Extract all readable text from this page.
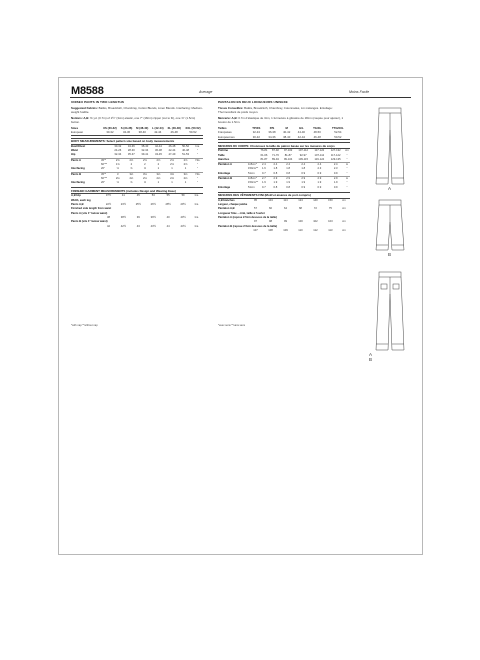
M8588	Average	Moins Facile
UNISEX PANTS IN TWO LENGTHS
Suggested Fabrics: Batiks, Broadcloth, Chambray, Cotton Blends, Linen Blends. Interfacing: Medium-weight fusible.
Notions: A,B: % yd. (0.7m) of 1½" (3cm) elastic, one 7" (18cm) zipper (cut to fit), one ⅝" (1.5cm) button.
Sizes	XS (30-32)	S (34-36)	M (38-40)	L (42-44)	XL (46-48)	XXL (50-52)
European	30-32	34-36	38-40	42-44	46-48	50-52
BODY MEASUREMENTS: Select pattern size based on body measurements
Bust/Chest		30-32	34-36	38-40	42-44	46-48	50-52	Ins.
Waist		24-26	28-30	32-34	36-38	42-44	46-48	"
Hip		32-34	35-37	39-41	43-45	47-49	51-53	"
Pants A	45"*	2⅝	2⅝	2⅝	2⅝	2⅝	2⅝	Yds.
	60"**	1⅝	2	2	2	2⅝	2⅝	"
Interfacing	20"	⅝	⅝	⅝	1	1	1	"
Pants B	45"*	3	3⅛	3⅛	3⅛	3⅛	3⅛	Yds.
	60"**	2⅛	2⅛	2⅛	2⅛	2⅛	2⅛	"
Interfacing	20"	⅝	⅝	⅝	1	1	1	"
FINISHED GARMENT MEASUREMENTS (includes Design and Wearing Ease)
A,B Hip	37½	41	45	53	55	59	Ins.
Width, each leg							
Pants A,B	22½	23½	25½	26½	28½	29½	Ins.
Finished side length from waist							
Pants A (sits 1" below waist)							
	38	38½	39	39½	40	40½	Ins.
Pants B (sits 1" below waist)							
	42	42½	43	43½	44	44½	Ins.
PANTALON EN DEUX LONGUEURS UNISEXE
Tissus Conseillés: Batiks, Broadcloth, Chambray, Cotonnades, Lin mélangés. Entoilage: Thermocollant de poids moyen.
Mercerie: A,B: 0.7m d'élastique de 3cm, 1 fermeture à glissière de 18cm (coupée pour ajuster), 1 bouton de 1.5cm.
Tailles	TP/XS	P/S	M	G/L	TG/XL	TTG/XXL
Françaises	32-34	36-38	40-42	44-46	48-50	52-54
Européennes	30-32	34-36	38-40	42-44	46-48	50-52
MESURES DU CORPS: Choisissez la taille du patron basée sur les mesures du corps
Poitrine		76-81	87-92	97-102	107-112	117-122	127-132	cm
Taille		61-66	71-76	81-87	92-97	107-112	117-122	"
Hanches		81-87	89-94	99-104	109-115	119-124	129-135	"
Pantalon A	115cm*	2.4	2.4	2.4	2.4	2.4	2.4	m
	150cm**	1.6	1.8	1.8	1.8	2.3	2.3	"
Entoilage	51cm	0.7	0.8	0.8	0.9	0.9	0.9	"
Pantalon B	115cm*	2.7	2.9	2.9	2.9	2.9	2.9	m
	150cm**	1.9	1.9	1.9	1.9	1.9	1.9	"
Entoilage	51cm	0.7	0.8	0.8	0.9	0.9	0.9	"
MESURES DES VÊTEMENTS FINI (Motif et aisance de port compris)
A,B Hanches	95	104	114	124	140	150	cm
Largeur, chaque jambe							
Pantalon A,B	57	60	64	68	72	75	cm
Longueur finie – côté, taille à l'ourlet							
Pantalon A (repose 2.5cm dessous de la taille)							
	97	98	99	100	102	103	cm
Pantalon B (repose 2.5cm dessous de la taille)							
	107	108	109	110	112	113	cm
*with nap **without nap	*avec sens **sans sens
A
B
A
B
